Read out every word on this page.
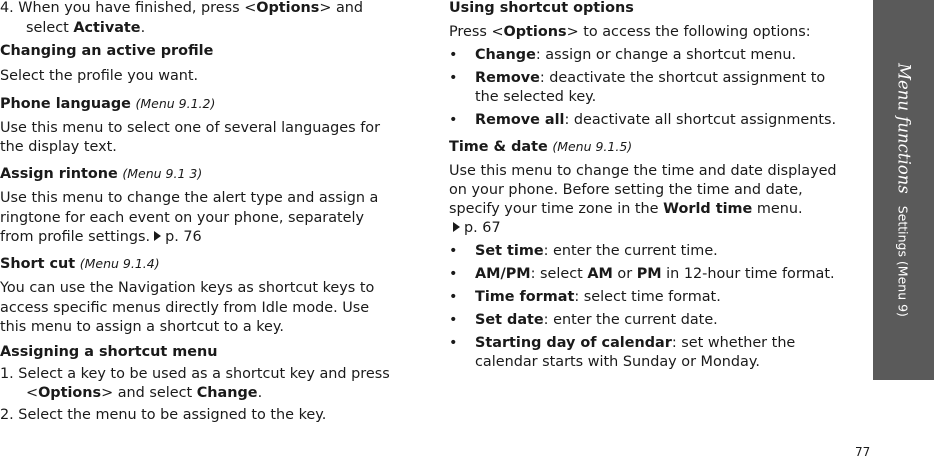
4. When you have finished, press <Options> and
select Activate.
Changing an active profile
Select the profile you want.
Phone language (Menu 9.1.2)
Use this menu to select one of several languages for
the display text.
Assign rintone (Menu 9.1 3)
Use this menu to change the alert type and assign a
ringtone for each event on your phone, separately
from profile settings. p. 76
Short cut (Menu 9.1.4)
You can use the Navigation keys as shortcut keys to
access specific menus directly from Idle mode. Use
this menu to assign a shortcut to a key.
Assigning a shortcut menu
1. Select a key to be used as a shortcut key and press
<Options> and select Change.
2. Select the menu to be assigned to the key.
Using shortcut options
Press <Options> to access the following options:
• Change: assign or change a shortcut menu.
• Remove: deactivate the shortcut assignment to
the selected key.
• Remove all: deactivate all shortcut assignments.
Time & date (Menu 9.1.5)
Use this menu to change the time and date displayed
on your phone. Before setting the time and date,
specify your time zone in the World time menu.
p. 67
• Set time: enter the current time.
• AM/PM: select AM or PM in 12-hour time format.
• Time format: select time format.
• Set date: enter the current date.
• Starting day of calendar: set whether the
calendar starts with Sunday or Monday.
Menu functions   Settings (Menu 9)
77
